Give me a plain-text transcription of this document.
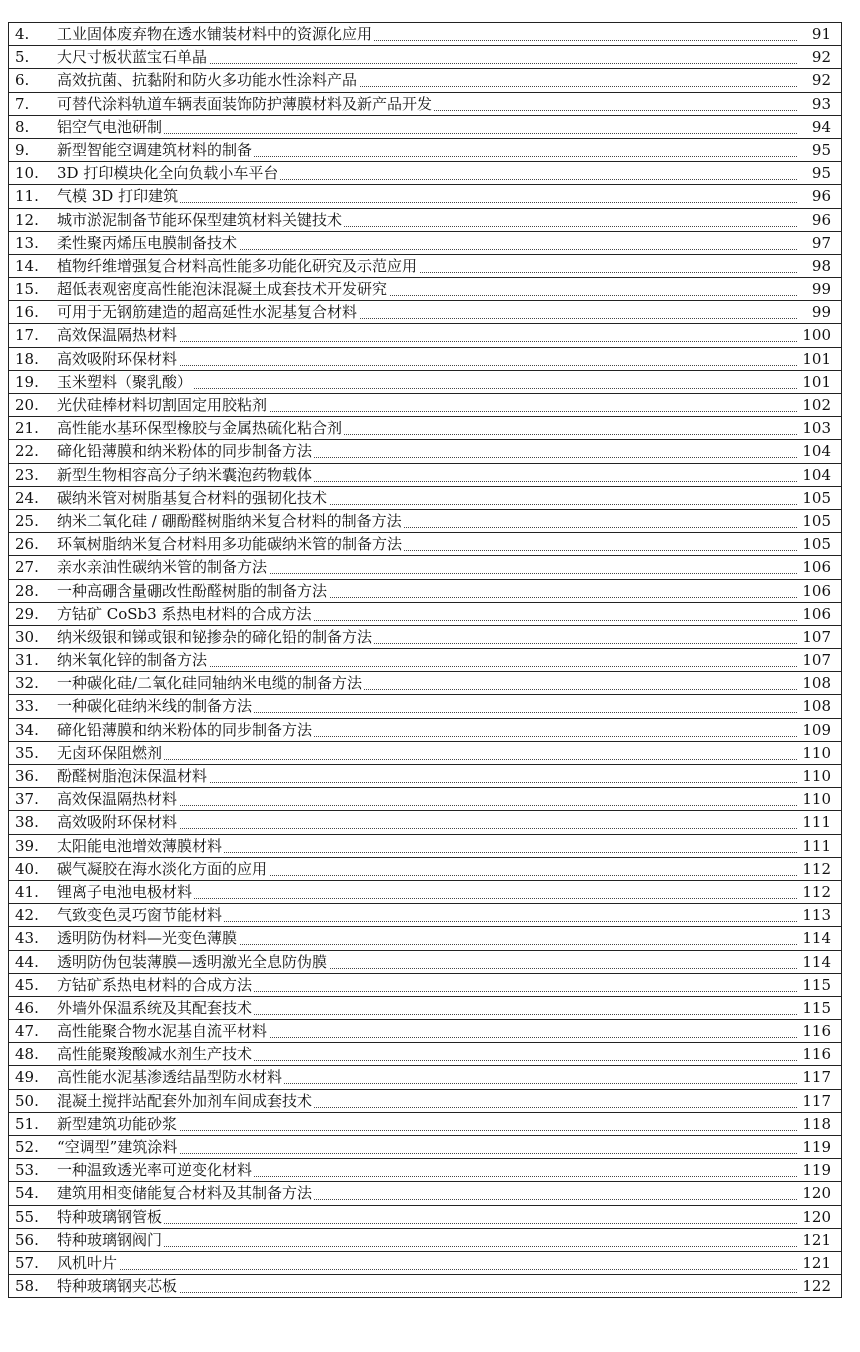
4. 工业固体废弃物在透水铺装材料中的资源化应用	91
5. 大尺寸板状蓝宝石单晶	92
6. 高效抗菌、抗黏附和防火多功能水性涂料产品	92
7. 可替代涂料轨道车辆表面装饰防护薄膜材料及新产品开发	93
8. 铝空气电池研制	94
9. 新型智能空调建筑材料的制备	95
10. 3D 打印模块化全向负载小车平台	95
11. 气模 3D 打印建筑	96
12. 城市淤泥制备节能环保型建筑材料关键技术	96
13. 柔性聚丙烯压电膜制备技术	97
14. 植物纤维增强复合材料高性能多功能化研究及示范应用	98
15. 超低表观密度高性能泡沫混凝土成套技术开发研究	99
16. 可用于无钢筋建造的超高延性水泥基复合材料	99
17. 高效保温隔热材料	100
18. 高效吸附环保材料	101
19. 玉米塑料（聚乳酸）	101
20. 光伏硅棒材料切割固定用胶粘剂	102
21. 高性能水基环保型橡胶与金属热硫化粘合剂	103
22. 碲化铅薄膜和纳米粉体的同步制备方法	104
23. 新型生物相容高分子纳米囊泡药物载体	104
24. 碳纳米管对树脂基复合材料的强韧化技术	105
25. 纳米二氧化硅 / 硼酚醛树脂纳米复合材料的制备方法	105
26. 环氧树脂纳米复合材料用多功能碳纳米管的制备方法	105
27. 亲水亲油性碳纳米管的制备方法	106
28. 一种高硼含量硼改性酚醛树脂的制备方法	106
29. 方钴矿 CoSb3 系热电材料的合成方法	106
30. 纳米级银和锑或银和铋掺杂的碲化铅的制备方法	107
31. 纳米氧化锌的制备方法	107
32. 一种碳化硅/二氧化硅同轴纳米电缆的制备方法	108
33. 一种碳化硅纳米线的制备方法	108
34. 碲化铅薄膜和纳米粉体的同步制备方法	109
35. 无卤环保阻燃剂	110
36. 酚醛树脂泡沫保温材料	110
37. 高效保温隔热材料	110
38. 高效吸附环保材料	111
39. 太阳能电池增效薄膜材料	111
40. 碳气凝胶在海水淡化方面的应用	112
41. 锂离子电池电极材料	112
42. 气致变色灵巧窗节能材料	113
43. 透明防伪材料—光变色薄膜	114
44. 透明防伪包装薄膜—透明激光全息防伪膜	114
45. 方钴矿系热电材料的合成方法	115
46. 外墙外保温系统及其配套技术	115
47. 高性能聚合物水泥基自流平材料	116
48. 高性能聚羧酸减水剂生产技术	116
49. 高性能水泥基渗透结晶型防水材料	117
50. 混凝土搅拌站配套外加剂车间成套技术	117
51. 新型建筑功能砂浆	118
52. “空调型”建筑涂料	119
53. 一种温致透光率可逆变化材料	119
54. 建筑用相变储能复合材料及其制备方法	120
55. 特种玻璃钢管板	120
56. 特种玻璃钢阀门	121
57. 风机叶片	121
58. 特种玻璃钢夹芯板	122
